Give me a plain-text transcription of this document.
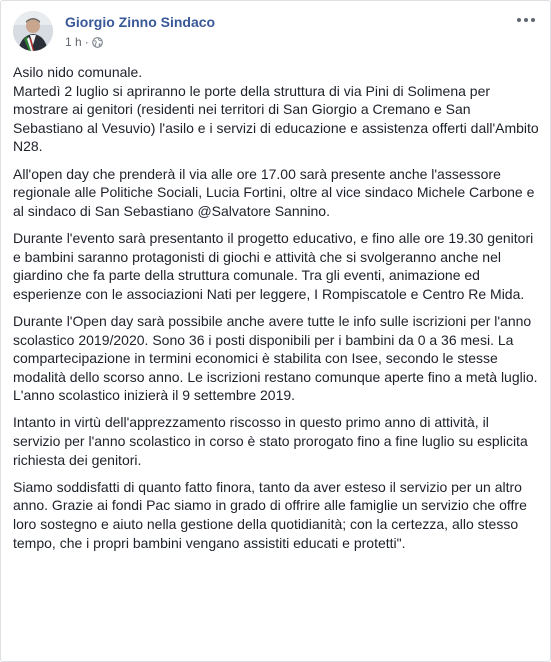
Giorgio Zinno Sindaco
1 h ·

Asilo nido comunale.
Martedì 2 luglio si apriranno le porte della struttura di via Pini di Solimena per mostrare ai genitori (residenti nei territori di San Giorgio a Cremano e San Sebastiano al Vesuvio) l'asilo e i servizi di educazione e assistenza offerti dall'Ambito N28.

All'open day che prenderà il via alle ore 17.00 sarà presente anche l'assessore regionale alle Politiche Sociali, Lucia Fortini, oltre al vice sindaco Michele Carbone e al sindaco di San Sebastiano @Salvatore Sannino.

Durante l'evento sarà presentanto il progetto educativo, e fino alle ore 19.30 genitori e bambini saranno protagonisti di giochi e attività che si svolgeranno anche nel giardino che fa parte della struttura comunale. Tra gli eventi, animazione ed esperienze con le associazioni Nati per leggere, I Rompiscatole e Centro Re Mida.

Durante l'Open day sarà possibile anche avere tutte le info sulle iscrizioni per l'anno scolastico 2019/2020. Sono 36 i posti disponibili per i bambini da 0 a 36 mesi. La compartecipazione in termini economici è stabilita con Isee, secondo le stesse modalità dello scorso anno. Le iscrizioni restano comunque aperte fino a metà luglio. L'anno scolastico inizierà il 9 settembre 2019.

Intanto in virtù dell'apprezzamento riscosso in questo primo anno di attività, il servizio per l'anno scolastico in corso è stato prorogato fino a fine luglio su esplicita richiesta dei genitori.

Siamo soddisfatti di quanto fatto finora, tanto da aver esteso il servizio per un altro anno. Grazie ai fondi Pac siamo in grado di offrire alle famiglie un servizio che offre loro sostegno e aiuto nella gestione della quotidianità; con la certezza, allo stesso tempo, che i propri bambini vengano assistiti educati e protetti".
